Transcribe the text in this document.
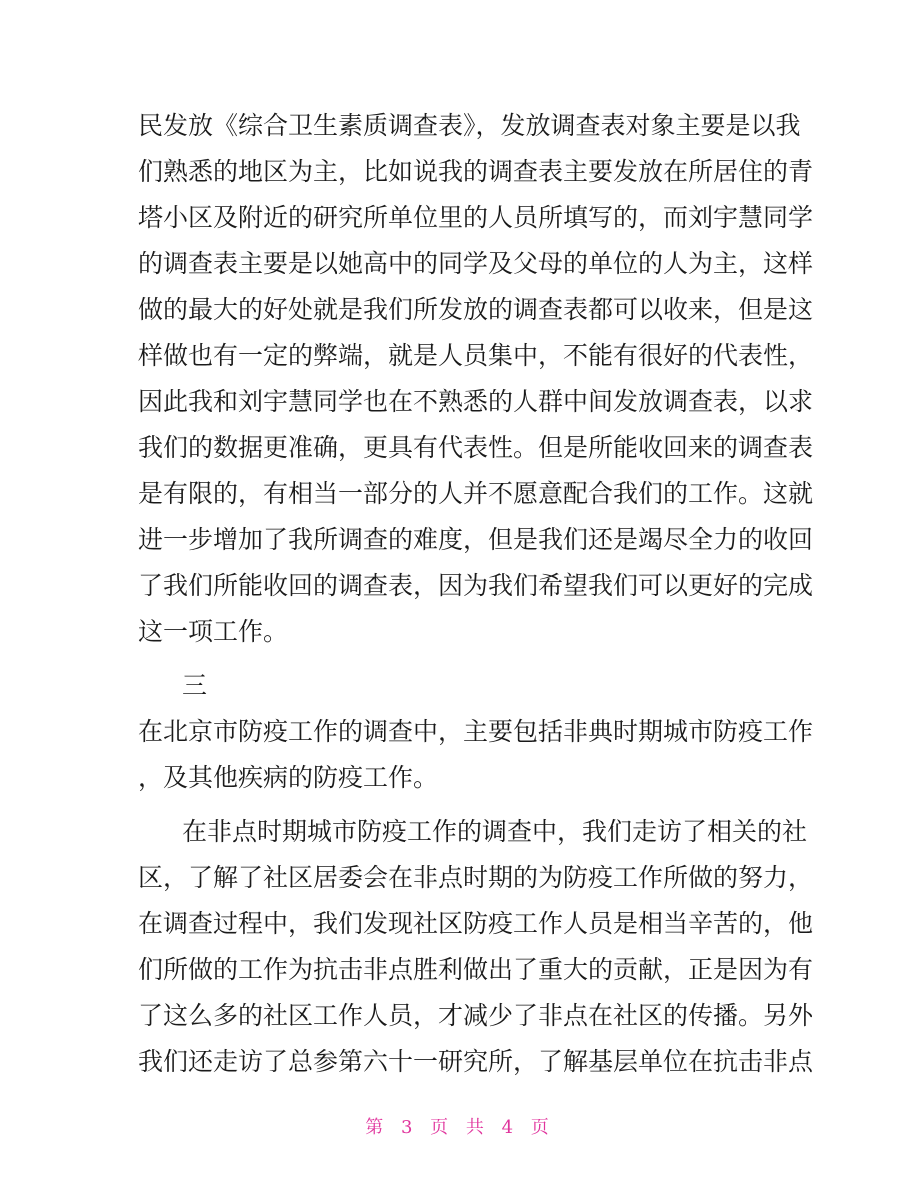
民发放《综合卫生素质调查表》，发放调查表对象主要是以我
们熟悉的地区为主，比如说我的调查表主要发放在所居住的青
塔小区及附近的研究所单位里的人员所填写的，而刘宇慧同学
的调查表主要是以她高中的同学及父母的单位的人为主，这样
做的最大的好处就是我们所发放的调查表都可以收来，但是这
样做也有一定的弊端，就是人员集中，不能有很好的代表性，
因此我和刘宇慧同学也在不熟悉的人群中间发放调查表，以求
我们的数据更准确，更具有代表性。但是所能收回来的调查表
是有限的，有相当一部分的人并不愿意配合我们的工作。这就
进一步增加了我所调查的难度，但是我们还是竭尽全力的收回
了我们所能收回的调查表，因为我们希望我们可以更好的完成
这一项工作。
三
在北京市防疫工作的调查中，主要包括非典时期城市防疫工作
，及其他疾病的防疫工作。
在非点时期城市防疫工作的调查中，我们走访了相关的社
区，了解了社区居委会在非点时期的为防疫工作所做的努力，
在调查过程中，我们发现社区防疫工作人员是相当辛苦的，他
们所做的工作为抗击非点胜利做出了重大的贡献，正是因为有
了这么多的社区工作人员，才减少了非点在社区的传播。另外
我们还走访了总参第六十一研究所，了解基层单位在抗击非点
第 3 页 共 4 页
